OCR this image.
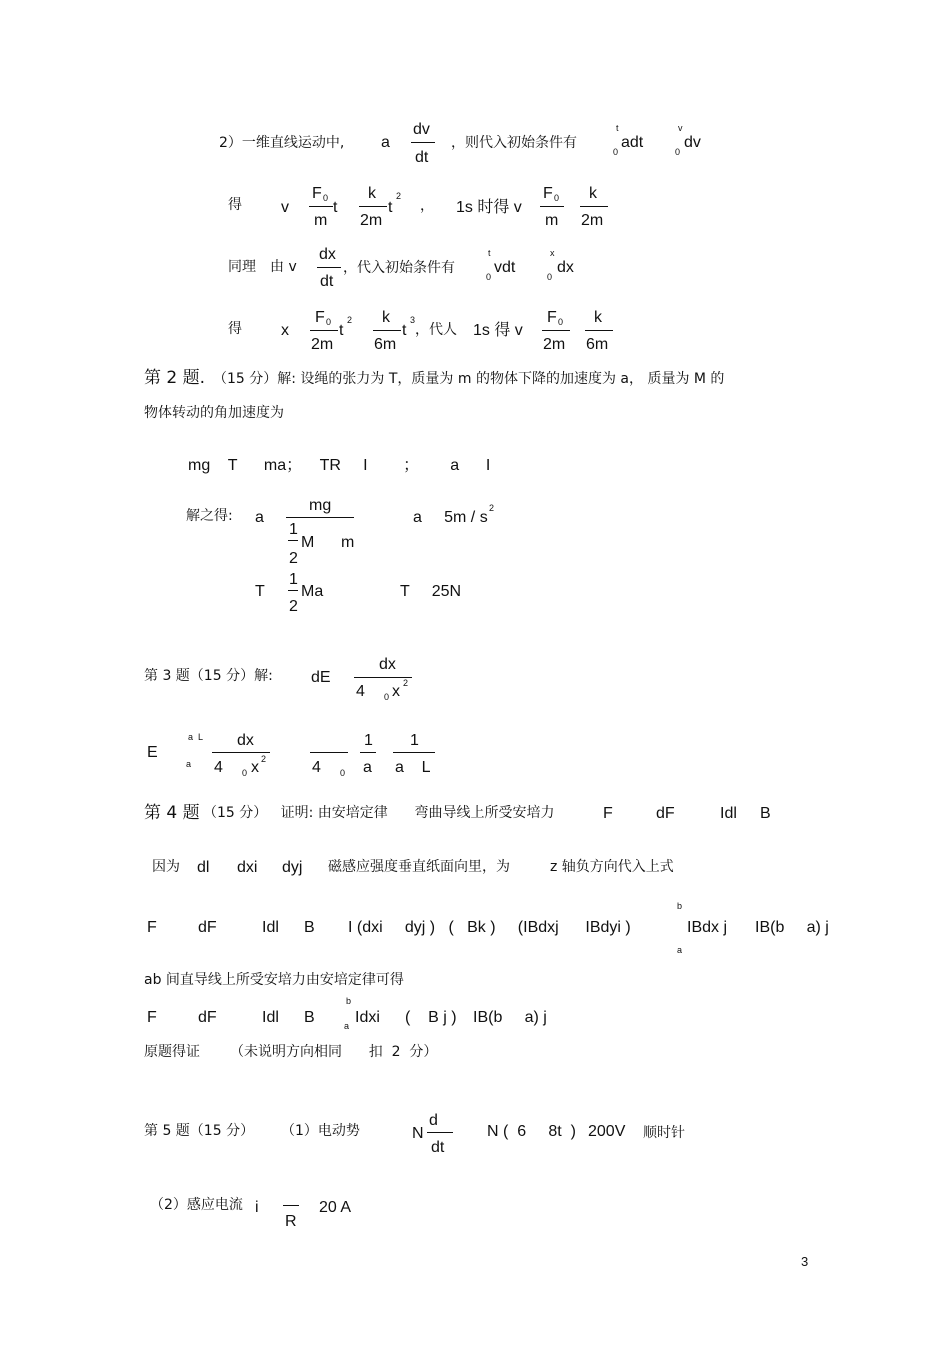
2）一维直线运动中, a
dv
dt
，则代入初始条件有
t
0
adt
v
0
dv
得 v
F 0
m
t
k
2m
t
2
， 1s 时得 v
F 0
m
k
2m
同理 由 v
dx
dt
，代入初始条件有
t
0
vdt
x
0
dx
得 x
F 0
2m
t
2 k
6m
t
3
，代人 1s 得 v
F 0
2m
k
6m
第 2 题. （15 分）解: 设绳的张力为 T，质量为 m 的物体下降的加速度为 a， 质量为 M 的
物体转动的角加速度为
mg    T      ma；    TR     I        ；       a      I
解之得: a
mg
1
2
M      m
a     5m / s
2
T
1
2
Ma	T     25N
第 3 题（15 分）解: dE
dx
4 0 x 2
E
a  L
a
dx
4 0 x 2	4 0
1
a
1
a    L
第 4 题 （15 分）   证明: 由安培定律      弯曲导线上所受安培力	F	dF	Idl B
因为 dl dxi dyj 磁感应强度垂直纸面向里，为	z 轴负方向代入上式
F	dF	Idl B I (dxi     dyj )   (   Bk )     (IBdxj      IBdyi )
b
a
IBdx j IB(b     a) j
ab 间直导线上所受安培力由安培定律可得
F	dF	Idl B
b
a Idxi (    B j ) IB(b     a) j
原题得证 （未说明方向相同      扣  2  分）
第 5 题（15 分） （1）电动势	N
d
dt
N (  6     8t  ) 200V 顺时针
（2）感应电流 i
R
20 A
3
